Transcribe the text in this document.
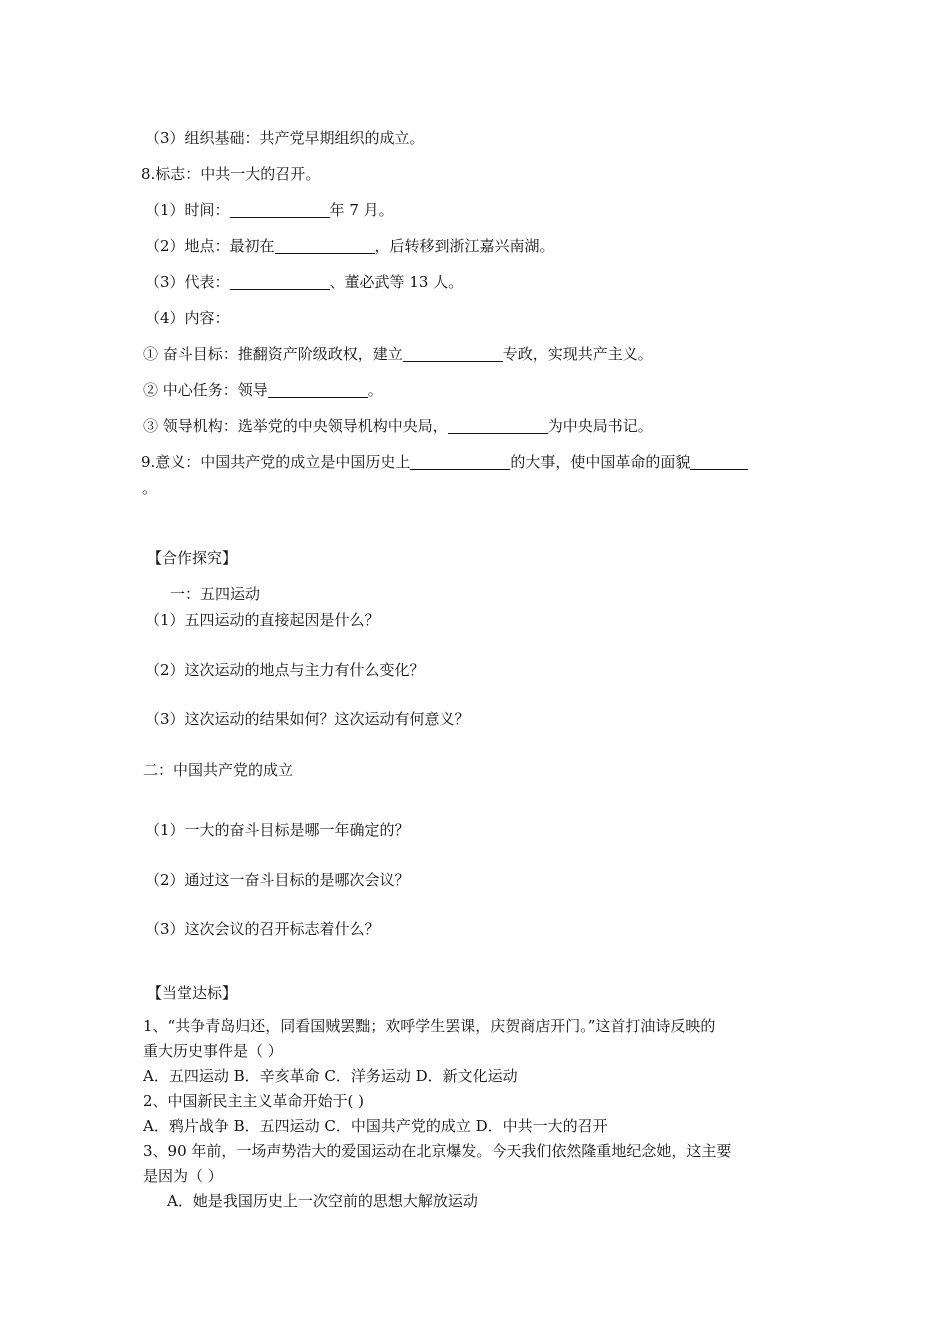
（3）组织基础：共产党早期组织的成立。
8.标志：中共一大的召开。
（1）时间：	年 7 月。
（2）地点：最初在	，后转移到浙江嘉兴南湖。
（3）代表：	、董必武等 13 人。
（4）内容：
① 奋斗目标：推翻资产阶级政权，建立	专政，实现共产主义。
② 中心任务：领导	。
③ 领导机构：选举党的中央领导机构中央局，	为中央局书记。
9.意义：中国共产党的成立是中国历史上	的大事，使中国革命的面貌
。
【合作探究】
一：五四运动
（1）五四运动的直接起因是什么？
（2）这次运动的地点与主力有什么变化？
（3）这次运动的结果如何？这次运动有何意义？
二：中国共产党的成立
（1）一大的奋斗目标是哪一年确定的？
（2）通过这一奋斗目标的是哪次会议？
（3）这次会议的召开标志着什么？
【当堂达标】
1、“共争青岛归还，同看国贼罢黜；欢呼学生罢课，庆贺商店开门。”这首打油诗反映的
重大历史事件是（ ）
A．五四运动 B．辛亥革命 C．洋务运动 D．新文化运动
2、中国新民主主义革命开始于( )
A．鸦片战争 B．五四运动 C．中国共产党的成立 D．中共一大的召开
3、90 年前，一场声势浩大的爱国运动在北京爆发。今天我们依然隆重地纪念她，这主要
是因为（ ）
A．她是我国历史上一次空前的思想大解放运动
